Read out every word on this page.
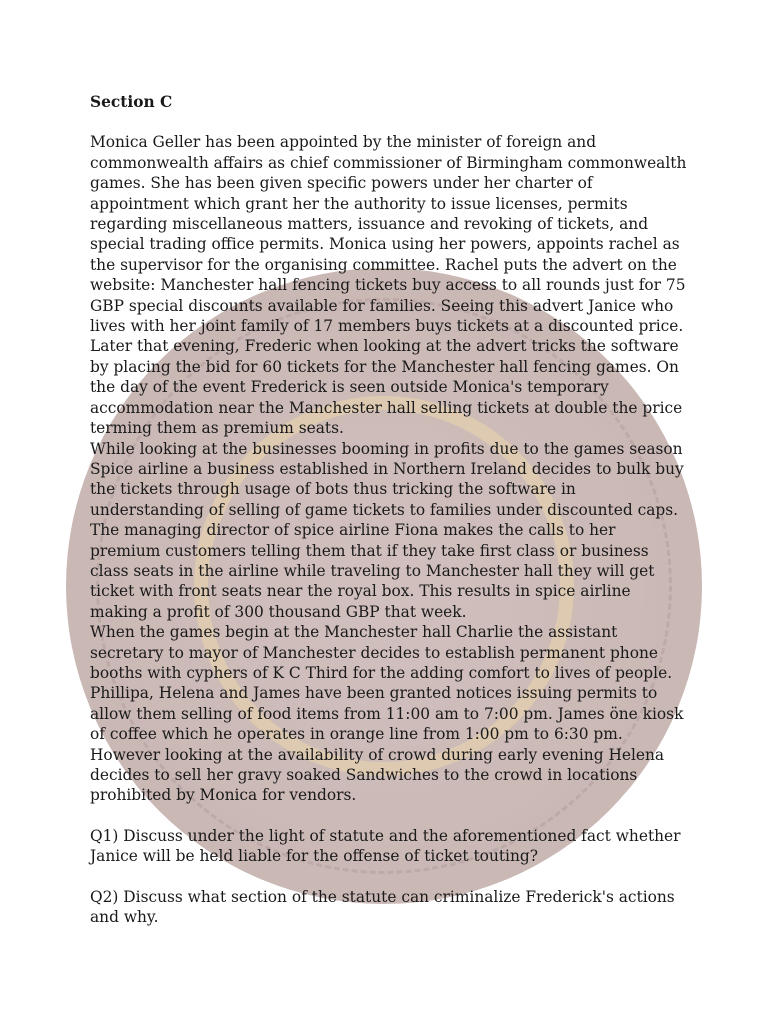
Section C

Monica Geller has been appointed by the minister of foreign and commonwealth affairs as chief commissioner of Birmingham commonwealth games. She has been given specific powers under her charter of appointment which grant her the authority to issue licenses, permits regarding miscellaneous matters, issuance and revoking of tickets, and special trading office permits. Monica using her powers, appoints rachel as the supervisor for the organising committee. Rachel puts the advert on the website: Manchester hall fencing tickets buy access to all rounds just for 75 GBP special discounts available for families. Seeing this advert Janice who lives with her joint family of 17 members buys tickets at a discounted price. Later that evening, Frederic when looking at the advert tricks the software by placing the bid for 60 tickets for the Manchester hall fencing games. On the day of the event Frederick is seen outside Monica's temporary accommodation near the Manchester hall selling tickets at double the price terming them as premium seats.

While looking at the businesses booming in profits due to the games season Spice airline a business established in Northern Ireland decides to bulk buy the tickets through usage of bots thus tricking the software in understanding of selling of game tickets to families under discounted caps. The managing director of spice airline Fiona makes the calls to her premium customers telling them that if they take first class or business class seats in the airline while traveling to Manchester hall they will get ticket with front seats near the royal box. This results in spice airline making a profit of 300 thousand GBP that week.

When the games begin at the Manchester hall Charlie the assistant secretary to mayor of Manchester decides to establish permanent phone booths with cyphers of K C Third for the adding comfort to lives of people. Phillipa, Helena and James have been granted notices issuing permits to allow them selling of food items from 11:00 am to 7:00 pm. James öne kiosk of coffee which he operates in orange line from 1:00 pm to 6:30 pm. However looking at the availability of crowd during early evening Helena decides to sell her gravy soaked Sandwiches to the crowd in locations prohibited by Monica for vendors.

Q1) Discuss under the light of statute and the aforementioned fact whether Janice will be held liable for the offense of ticket touting?

Q2) Discuss what section of the statute can criminalize Frederick's actions and why.
